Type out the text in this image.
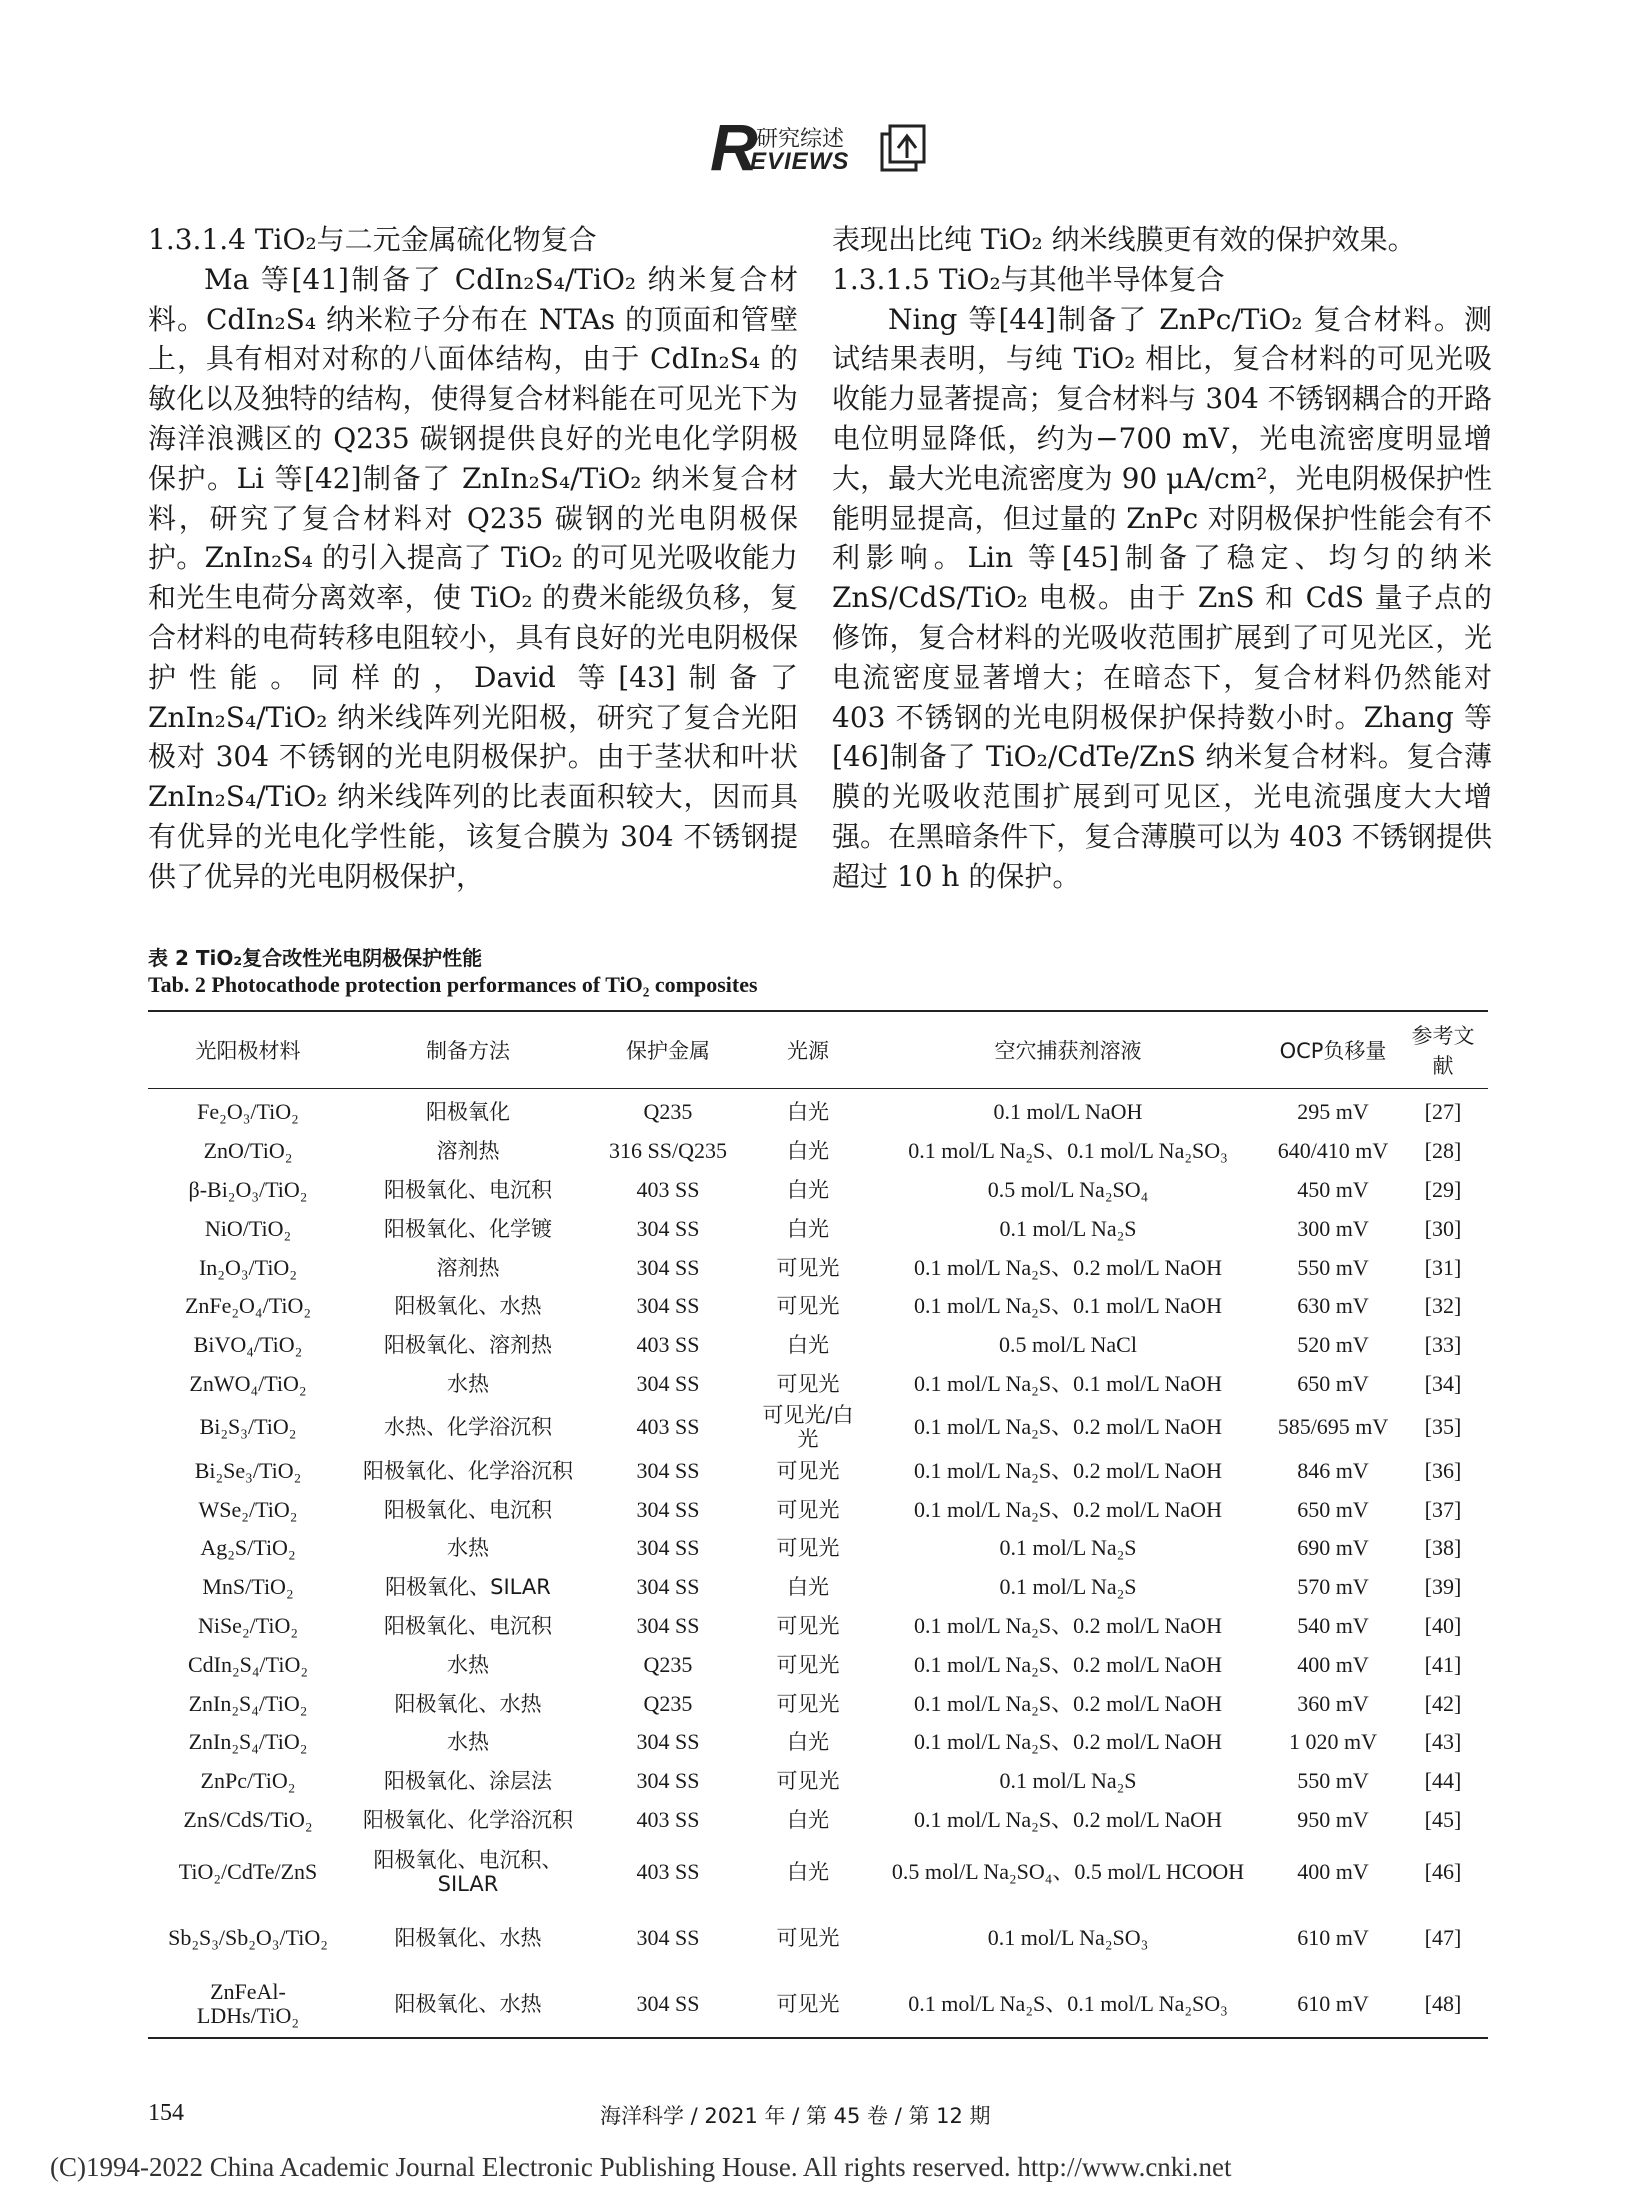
R
研究综述
EVIEWS

1.3.1.4 TiO₂与二元金属硫化物复合

Ma 等[41]制备了 CdIn₂S₄/TiO₂ 纳米复合材料。CdIn₂S₄ 纳米粒子分布在 NTAs 的顶面和管壁上，具有相对对称的八面体结构，由于 CdIn₂S₄ 的敏化以及独特的结构，使得复合材料能在可见光下为海洋浪溅区的 Q235 碳钢提供良好的光电化学阴极保护。Li 等[42]制备了 ZnIn₂S₄/TiO₂ 纳米复合材料，研究了复合材料对 Q235 碳钢的光电阴极保护。ZnIn₂S₄ 的引入提高了 TiO₂ 的可见光吸收能力和光生电荷分离效率，使 TiO₂ 的费米能级负移，复合材料的电荷转移电阻较小，具有良好的光电阴极保护性能。同样的，David 等[43]制备了 ZnIn₂S₄/TiO₂ 纳米线阵列光阳极，研究了复合光阳极对 304 不锈钢的光电阴极保护。由于茎状和叶状 ZnIn₂S₄/TiO₂ 纳米线阵列的比表面积较大，因而具有优异的光电化学性能，该复合膜为 304 不锈钢提供了优异的光电阴极保护，

表现出比纯 TiO₂ 纳米线膜更有效的保护效果。

1.3.1.5 TiO₂与其他半导体复合

Ning 等[44]制备了 ZnPc/TiO₂ 复合材料。测试结果表明，与纯 TiO₂ 相比，复合材料的可见光吸收能力显著提高；复合材料与 304 不锈钢耦合的开路电位明显降低，约为−700 mV，光电流密度明显增大，最大光电流密度为 90 μA/cm²，光电阴极保护性能明显提高，但过量的 ZnPc 对阴极保护性能会有不利影响。Lin 等[45]制备了稳定、均匀的纳米 ZnS/CdS/TiO₂ 电极。由于 ZnS 和 CdS 量子点的修饰，复合材料的光吸收范围扩展到了可见光区，光电流密度显著增大；在暗态下，复合材料仍然能对 403 不锈钢的光电阴极保护保持数小时。Zhang 等[46]制备了 TiO₂/CdTe/ZnS 纳米复合材料。复合薄膜的光吸收范围扩展到可见区，光电流强度大大增强。在黑暗条件下，复合薄膜可以为 403 不锈钢提供超过 10 h 的保护。

表 2 TiO₂复合改性光电阴极保护性能
Tab. 2 Photocathode protection performances of TiO₂ composites
光阳极材料	制备方法	保护金属	光源	空穴捕获剂溶液	OCP负移量	参考文献
Fe₂O₃/TiO₂	阳极氧化	Q235	白光	0.1 mol/L NaOH	295 mV	[27]
ZnO/TiO₂	溶剂热	316 SS/Q235	白光	0.1 mol/L Na₂S、0.1 mol/L Na₂SO₃	640/410 mV	[28]
β-Bi₂O₃/TiO₂	阳极氧化、电沉积	403 SS	白光	0.5 mol/L Na₂SO₄	450 mV	[29]
NiO/TiO₂	阳极氧化、化学镀	304 SS	白光	0.1 mol/L Na₂S	300 mV	[30]
In₂O₃/TiO₂	溶剂热	304 SS	可见光	0.1 mol/L Na₂S、0.2 mol/L NaOH	550 mV	[31]
ZnFe₂O₄/TiO₂	阳极氧化、水热	304 SS	可见光	0.1 mol/L Na₂S、0.1 mol/L NaOH	630 mV	[32]
BiVO₄/TiO₂	阳极氧化、溶剂热	403 SS	白光	0.5 mol/L NaCl	520 mV	[33]
ZnWO₄/TiO₂	水热	304 SS	可见光	0.1 mol/L Na₂S、0.1 mol/L NaOH	650 mV	[34]
Bi₂S₃/TiO₂	水热、化学浴沉积	403 SS	可见光/白光	0.1 mol/L Na₂S、0.2 mol/L NaOH	585/695 mV	[35]
Bi₂Se₃/TiO₂	阳极氧化、化学浴沉积	304 SS	可见光	0.1 mol/L Na₂S、0.2 mol/L NaOH	846 mV	[36]
WSe₂/TiO₂	阳极氧化、电沉积	304 SS	可见光	0.1 mol/L Na₂S、0.2 mol/L NaOH	650 mV	[37]
Ag₂S/TiO₂	水热	304 SS	可见光	0.1 mol/L Na₂S	690 mV	[38]
MnS/TiO₂	阳极氧化、SILAR	304 SS	白光	0.1 mol/L Na₂S	570 mV	[39]
NiSe₂/TiO₂	阳极氧化、电沉积	304 SS	可见光	0.1 mol/L Na₂S、0.2 mol/L NaOH	540 mV	[40]
CdIn₂S₄/TiO₂	水热	Q235	可见光	0.1 mol/L Na₂S、0.2 mol/L NaOH	400 mV	[41]
ZnIn₂S₄/TiO₂	阳极氧化、水热	Q235	可见光	0.1 mol/L Na₂S、0.2 mol/L NaOH	360 mV	[42]
ZnIn₂S₄/TiO₂	水热	304 SS	白光	0.1 mol/L Na₂S、0.2 mol/L NaOH	1 020 mV	[43]
ZnPc/TiO₂	阳极氧化、涂层法	304 SS	可见光	0.1 mol/L Na₂S	550 mV	[44]
ZnS/CdS/TiO₂	阳极氧化、化学浴沉积	403 SS	白光	0.1 mol/L Na₂S、0.2 mol/L NaOH	950 mV	[45]
TiO₂/CdTe/ZnS	阳极氧化、电沉积、SILAR	403 SS	白光	0.5 mol/L Na₂SO₄、0.5 mol/L HCOOH	400 mV	[46]
Sb₂S₃/Sb₂O₃/TiO₂	阳极氧化、水热	304 SS	可见光	0.1 mol/L Na₂SO₃	610 mV	[47]
ZnFeAl-LDHs/TiO₂	阳极氧化、水热	304 SS	可见光	0.1 mol/L Na₂S、0.1 mol/L Na₂SO₃	610 mV	[48]
154	海洋科学 / 2021 年 / 第 45 卷 / 第 12 期
(C)1994-2022 China Academic Journal Electronic Publishing House. All rights reserved. http://www.cnki.net
